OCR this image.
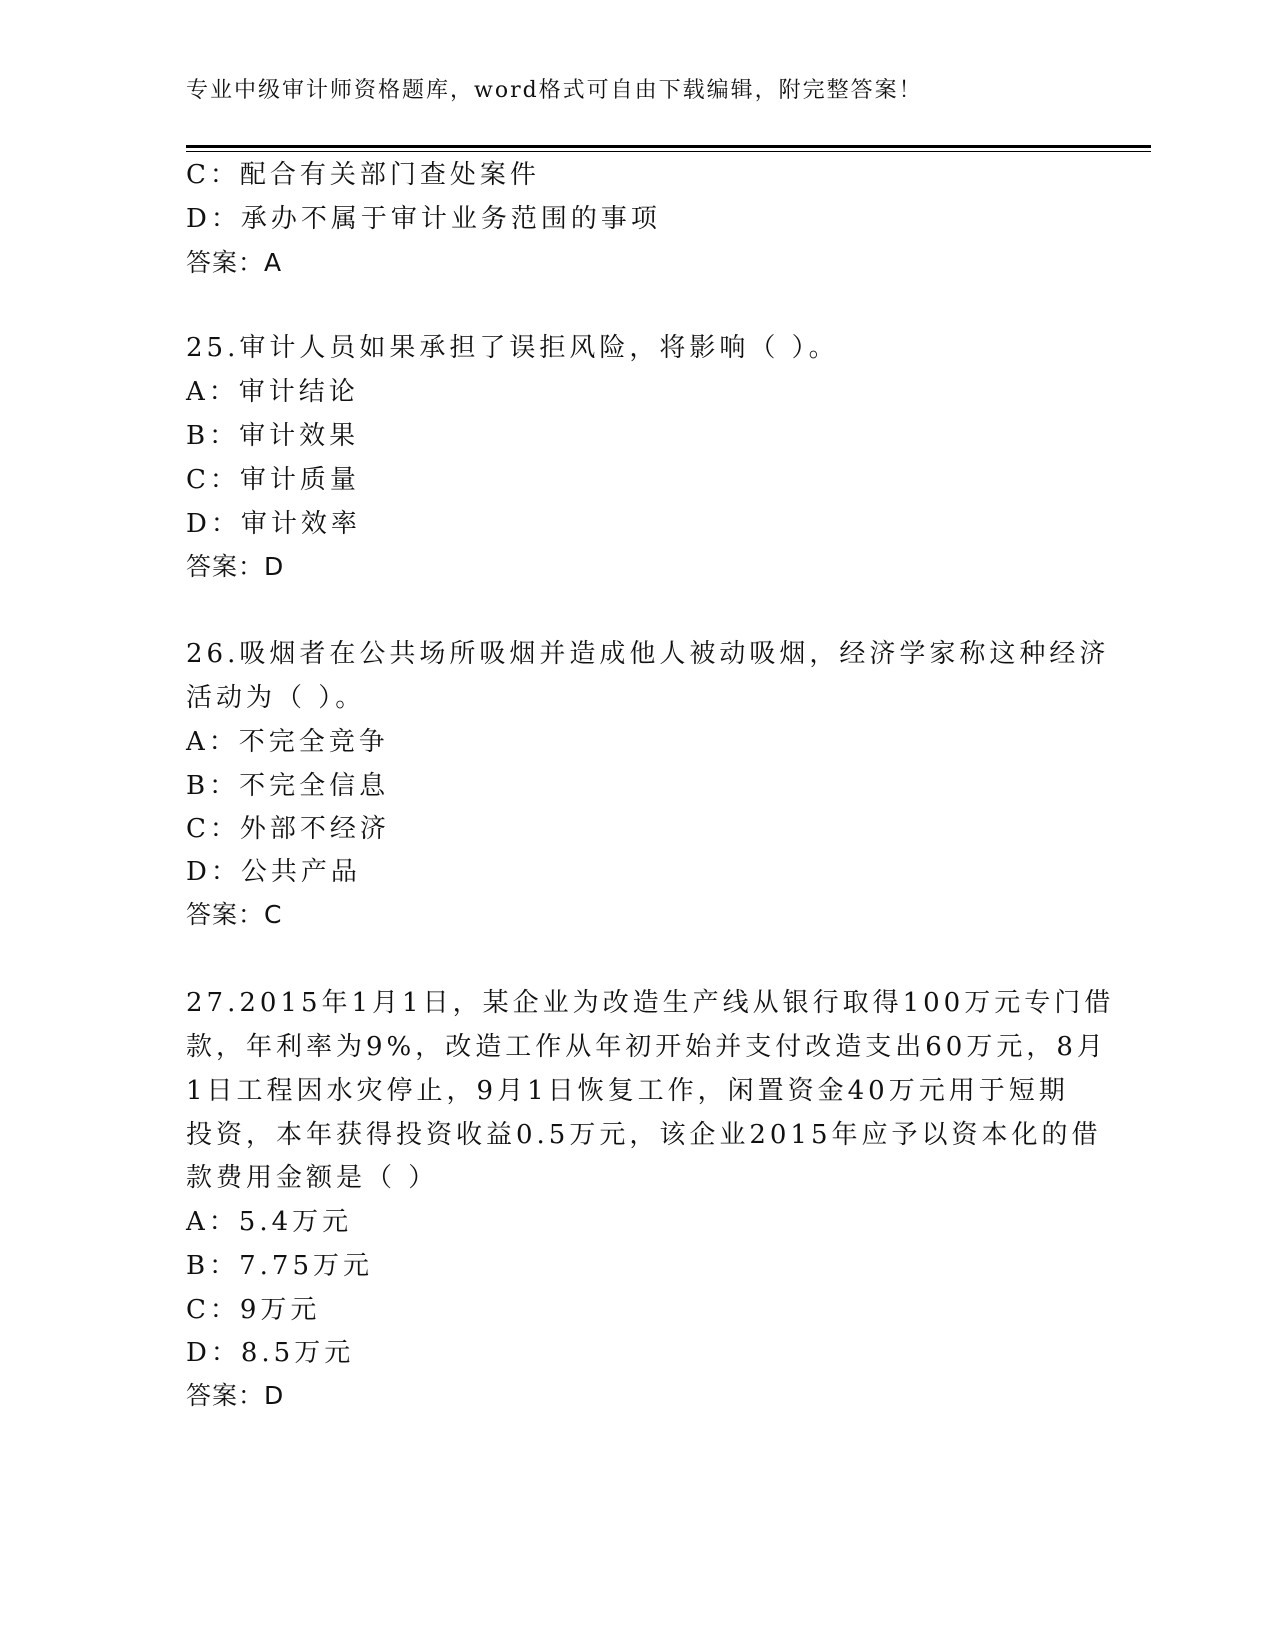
专业中级审计师资格题库，word格式可自由下载编辑，附完整答案！
C：配合有关部门查处案件
D：承办不属于审计业务范围的事项
答案：A
25.审计人员如果承担了误拒风险，将影响（ ）。
A：审计结论
B：审计效果
C：审计质量
D：审计效率
答案：D
26.吸烟者在公共场所吸烟并造成他人被动吸烟，经济学家称这种经济
活动为（ ）。
A：不完全竞争
B：不完全信息
C：外部不经济
D：公共产品
答案：C
27.2015年1月1日，某企业为改造生产线从银行取得100万元专门借
款，年利率为9%，改造工作从年初开始并支付改造支出60万元，8月
1日工程因水灾停止，9月1日恢复工作，闲置资金40万元用于短期
投资，本年获得投资收益0.5万元，该企业2015年应予以资本化的借
款费用金额是（ ）
A：5.4万元
B：7.75万元
C：9万元
D：8.5万元
答案：D
